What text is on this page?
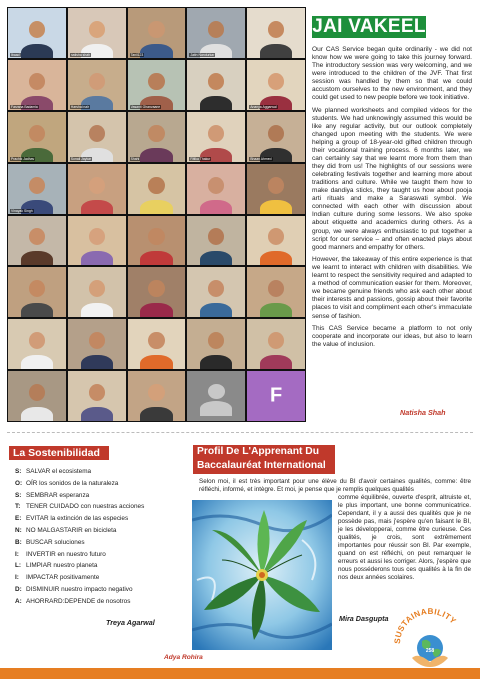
Ibaad	natisha shah	Tanii123	Jatin Nandurkar
Farzana Badamia	Harshal nair	Vasanti Ghanvaane	Ananya Aggarwal
Prachik Jadhav	Sonali Jaykar	Shahi	Ritika Thakur	Bhaan Ahmed
Vinayak Singh
F
JAI VAKEEL

Our CAS Service began quite ordinarily - we did not know how we were going to take this journey forward. The introductory session was very welcoming, and we were introduced to the children of the JVF. That first session was handled by them so that we could accustom ourselves to the new environment, and they could get used to new people before we took initiative.

We planned worksheets and compiled videos for the students. We had unknowingly assumed this would be like any regular activity, but our outlook completely changed upon meeting with the students. We were helping a group of 18-year-old gifted children through their vocational training process. 6 months later, we can certainly say that we learnt more from them than they did from us! The highlights of our sessions were celebrating festivals together and learning more about traditions and culture. While we taught them how to make dandiya sticks, they taught us how about pooja arti rituals and make a Saraswati symbol. We connected with each other with discussion about Indian culture during some lessons. We also spoke about etiquette and academics during others. As a group, we were always enthusiastic to put together a script for our service – and often enacted plays about good manners and empathy for others.

However, the takeaway of this entire experience is that we learnt to interact with children with disabilities. We learnt to respect the sensitivity required and adapted to a method of communication easier for them. Moreover, we became genuine friends who ask each other about their interests and passions, gossip about their favorite places to visit and compliment each other's immaculate sense of fashion.

This CAS Service became a platform to not only cooperate and incorporate our ideas, but also to learn the value of inclusion.

Natisha Shah
La Sostenibilidad
S: SALVAR el ecosistema
O: OÍR los sonidos de la naturaleza
S: SEMBRAR esperanza
T: TENER CUIDADO con nuestras acciones
E: EVITAR la extinción de las especies
N: NO MALGASTARIR en bicicleta
B: BUSCAR soluciones
I: INVERTIR en nuestro futuro
L: LIMPIAR nuestro planeta
I: IMPACTAR positivamente
D: DISMINUIR nuestro impacto negativo
A: AHORRARD:DEPENDE de nosotros
Treya Agarwal
Profil De L'Apprenant Du
Baccalauréat International

Selon moi, il est très important pour une élève du BI d'avoir certaines qualités, comme: être réfléchi, informé, et intègre. Et moi, je pense que je remplis quelques qualités

comme équilibrée, ouverte d'esprit, altruiste et, le plus important, une bonne communicatrice. Cependant, il y a aussi des qualités que je ne possède pas, mais j'espère qu'en faisant le BI, je les développerai, comme être curieuse. Ces qualités, je crois, sont extrêmement importantes pour réussir son BI. Par exemple, quand on est réfléchi, on peut remarquer le erreurs et aussi les corriger. Alors, j'espère que nous posséderons tous ces qualités à la fin de nos deux années scolaires.

Adya Rohira
Mira Dasgupta
SUSTAINABILITY
258
